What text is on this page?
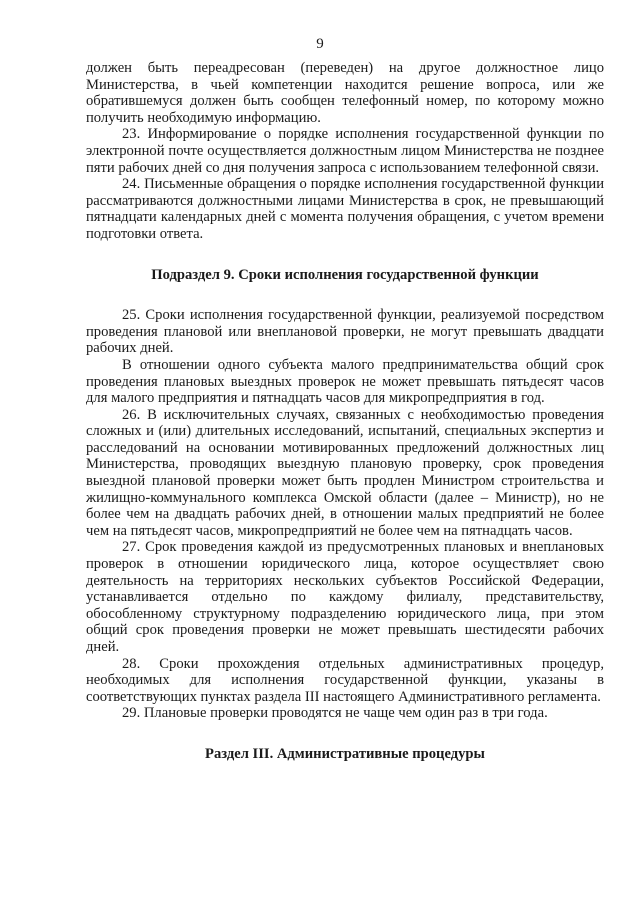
9

должен быть переадресован (переведен) на другое должностное лицо Министерства, в чьей компетенции находится решение вопроса, или же обратившемуся должен быть сообщен телефонный номер, по которому можно получить необходимую информацию.

23. Информирование о порядке исполнения государственной функции по электронной почте осуществляется должностным лицом Министерства не позднее пяти рабочих дней со дня получения запроса с использованием телефонной связи.

24. Письменные обращения о порядке исполнения государственной функции рассматриваются должностными лицами Министерства в срок, не превышающий пятнадцати календарных дней с момента получения обращения, с учетом времени подготовки ответа.

Подраздел 9. Сроки исполнения государственной функции

25. Сроки исполнения государственной функции, реализуемой посредством проведения плановой или внеплановой проверки, не могут превышать двадцати рабочих дней.

В отношении одного субъекта малого предпринимательства общий срок проведения плановых выездных проверок не может превышать пятьдесят часов для малого предприятия и пятнадцать часов для микропредприятия в год.

26. В исключительных случаях, связанных с необходимостью проведения сложных и (или) длительных исследований, испытаний, специальных экспертиз и расследований на основании мотивированных предложений должностных лиц Министерства, проводящих выездную плановую проверку, срок проведения выездной плановой проверки может быть продлен Министром строительства и жилищно-коммунального комплекса Омской области (далее – Министр), но не более чем на двадцать рабочих дней, в отношении малых предприятий не более чем на пятьдесят часов, микропредприятий не более чем на пятнадцать часов.

27. Срок проведения каждой из предусмотренных плановых и внеплановых проверок в отношении юридического лица, которое осуществляет свою деятельность на территориях нескольких субъектов Российской Федерации, устанавливается отдельно по каждому филиалу, представительству, обособленному структурному подразделению юридического лица, при этом общий срок проведения проверки не может превышать шестидесяти рабочих дней.

28. Сроки прохождения отдельных административных процедур, необходимых для исполнения государственной функции, указаны в соответствующих пунктах раздела III настоящего Административного регламента.

29. Плановые проверки проводятся не чаще чем один раз в три года.

Раздел III. Административные процедуры
